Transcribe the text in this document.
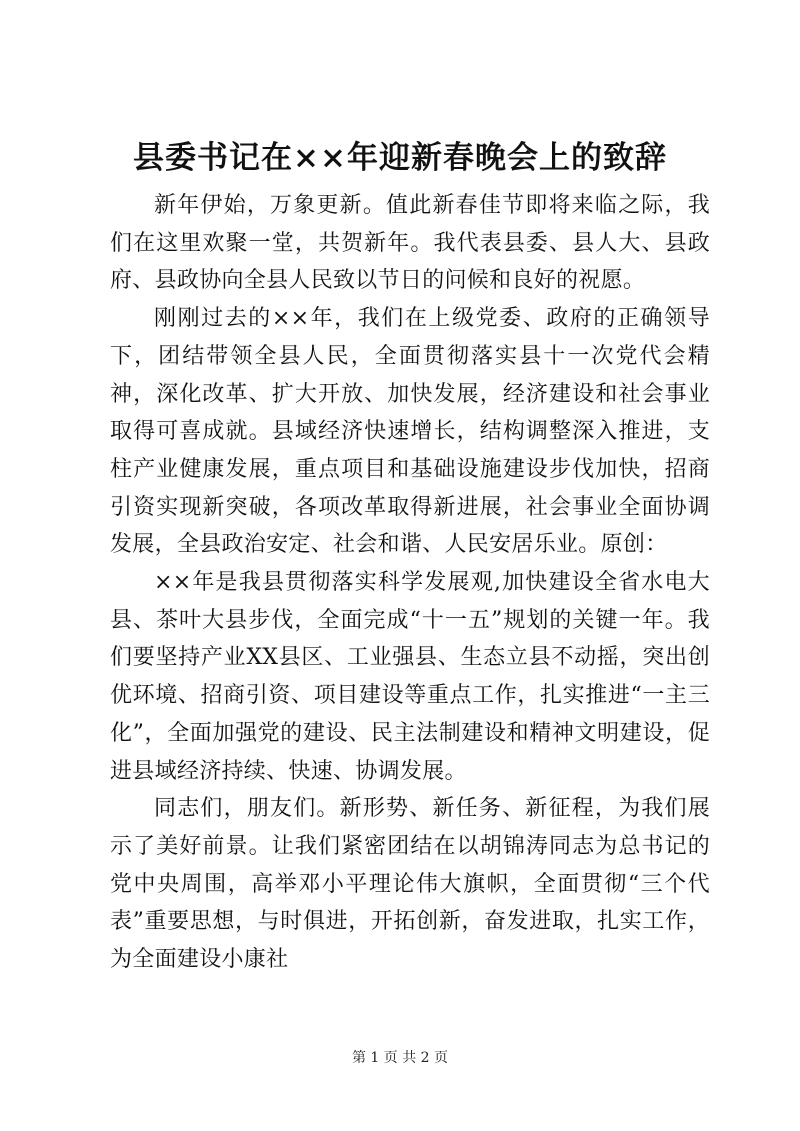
县委书记在××年迎新春晚会上的致辞

新年伊始，万象更新。值此新春佳节即将来临之际，我们在这里欢聚一堂，共贺新年。我代表县委、县人大、县政府、县政协向全县人民致以节日的问候和良好的祝愿。

刚刚过去的××年，我们在上级党委、政府的正确领导下，团结带领全县人民，全面贯彻落实县十一次党代会精神，深化改革、扩大开放、加快发展，经济建设和社会事业取得可喜成就。县域经济快速增长，结构调整深入推进，支柱产业健康发展，重点项目和基础设施建设步伐加快，招商引资实现新突破，各项改革取得新进展，社会事业全面协调发展，全县政治安定、社会和谐、人民安居乐业。原创：

××年是我县贯彻落实科学发展观,加快建设全省水电大县、茶叶大县步伐，全面完成“十一五”规划的关键一年。我们要坚持产业XX县区、工业强县、生态立县不动摇，突出创优环境、招商引资、项目建设等重点工作，扎实推进“一主三化”，全面加强党的建设、民主法制建设和精神文明建设，促进县域经济持续、快速、协调发展。

同志们，朋友们。新形势、新任务、新征程，为我们展示了美好前景。让我们紧密团结在以胡锦涛同志为总书记的党中央周围，高举邓小平理论伟大旗帜，全面贯彻“三个代表”重要思想，与时俱进，开拓创新，奋发进取，扎实工作，为全面建设小康社

第 1 页 共 2 页
